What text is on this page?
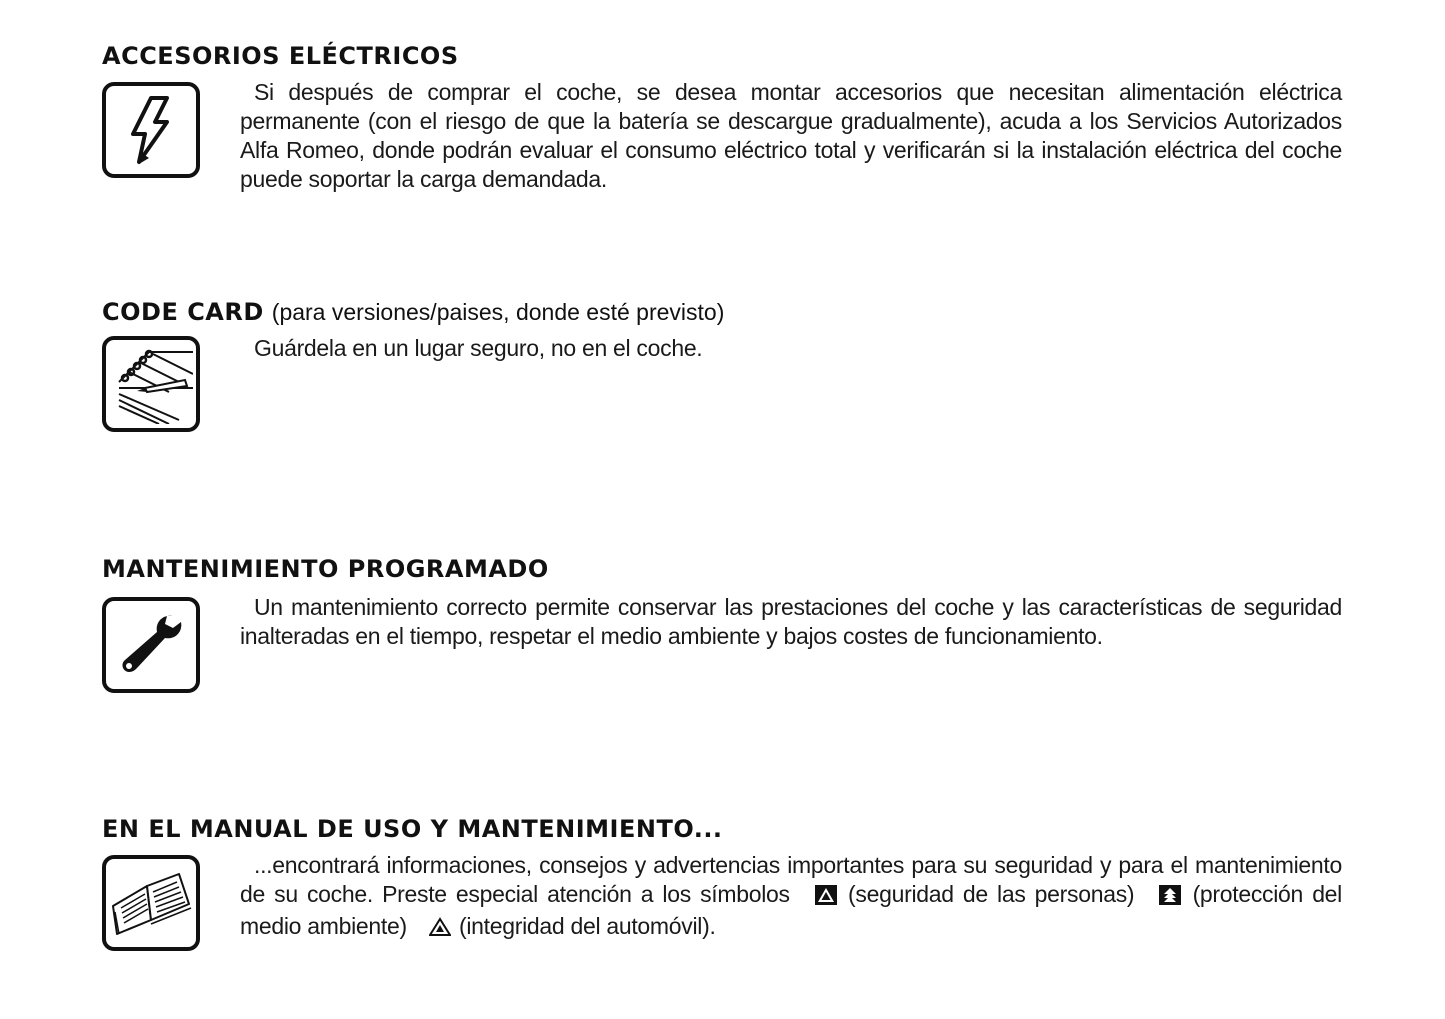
ACCESORIOS ELÉCTRICOS

Si después de comprar el coche, se desea montar accesorios que necesitan alimentación eléctrica permanente (con el riesgo de que la batería se descargue gradualmente), acuda a los Servicios Autorizados Alfa Romeo, donde podrán evaluar el consumo eléctrico total y verificarán si la instalación eléctrica del coche puede soportar la carga demandada.

CODE CARD (para versiones/paises, donde esté previsto)

Guárdela en un lugar seguro, no en el coche.

MANTENIMIENTO PROGRAMADO

Un mantenimiento correcto permite conservar las prestaciones del coche y las características de seguridad inalteradas en el tiempo, respetar el medio ambiente y bajos costes de funcionamiento.

EN EL MANUAL DE USO Y MANTENIMIENTO...

...encontrará informaciones, consejos y advertencias importantes para su seguridad y para el mantenimiento de su coche. Preste especial atención a los símbolos	(seguridad de las personas)	(protección del medio ambiente) (integridad del automóvil).
